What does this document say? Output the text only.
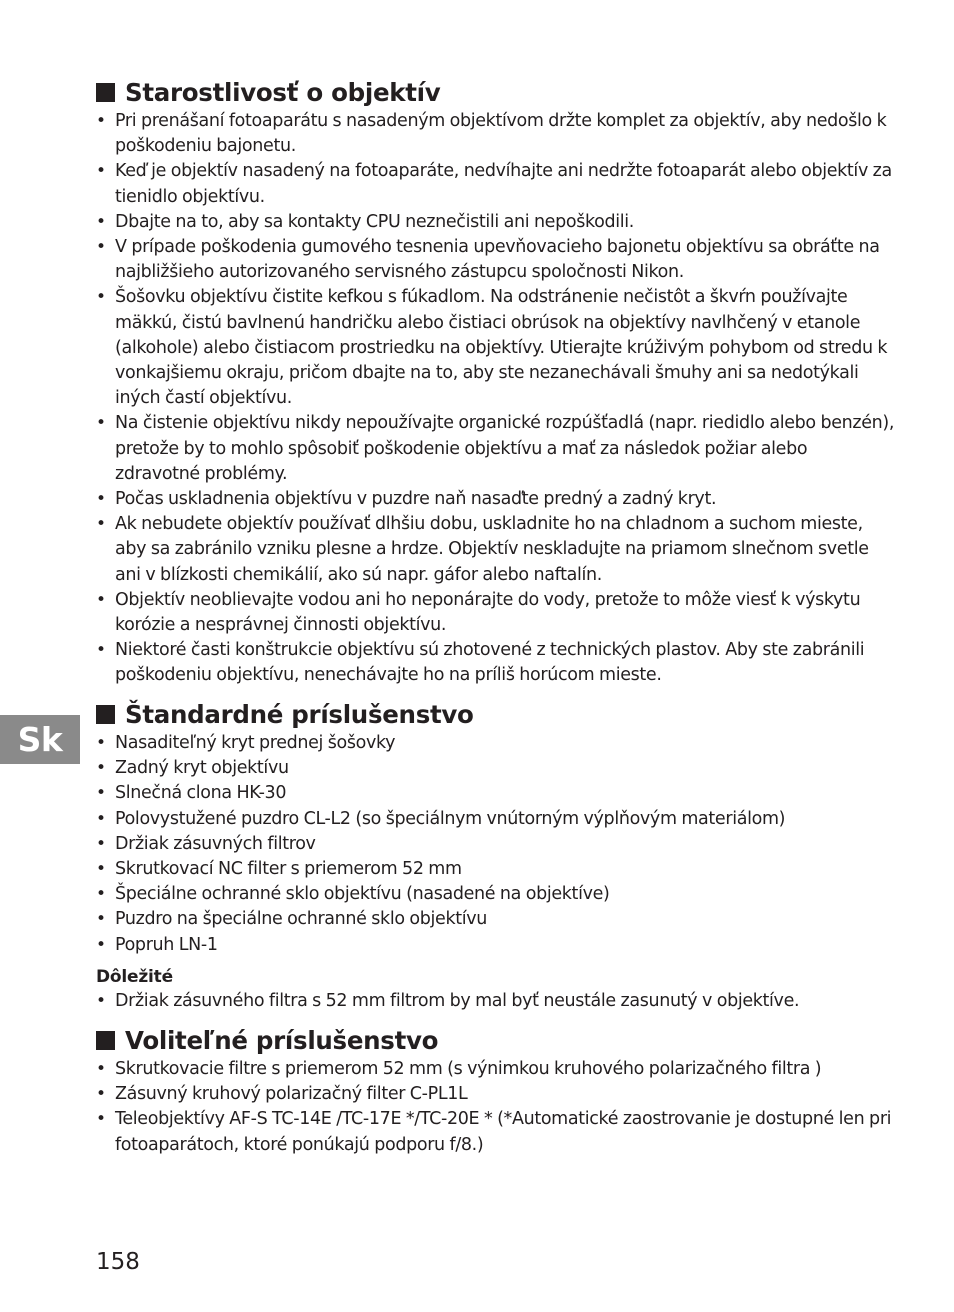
Starostlivosť o objektív
• Pri prenášaní fotoaparátu s nasadeným objektívom držte komplet za objektív, aby nedošlo k poškodeniu bajonetu.
• Keď je objektív nasadený na fotoaparáte, nedvíhajte ani nedržte fotoaparát alebo objektív za tienidlo objektívu.
• Dbajte na to, aby sa kontakty CPU neznečistili ani nepoškodili.
• V prípade poškodenia gumového tesnenia upevňovacieho bajonetu objektívu sa obráťte na najbližšieho autorizovaného servisného zástupcu spoločnosti Nikon.
• Šošovku objektívu čistite kefkou s fúkadlom. Na odstránenie nečistôt a škvŕn používajte mäkkú, čistú bavlnenú handričku alebo čistiaci obrúsok na objektívy navlhčený v etanole (alkohole) alebo čistiacom prostriedku na objektívy. Utierajte krúživým pohybom od stredu k vonkajšiemu okraju, pričom dbajte na to, aby ste nezanechávali šmuhy ani sa nedotýkali iných častí objektívu.
• Na čistenie objektívu nikdy nepoužívajte organické rozpúšťadlá (napr. riedidlo alebo benzén), pretože by to mohlo spôsobiť poškodenie objektívu a mať za následok požiar alebo zdravotné problémy.
• Počas uskladnenia objektívu v puzdre naň nasaďte predný a zadný kryt.
• Ak nebudete objektív používať dlhšiu dobu, uskladnite ho na chladnom a suchom mieste, aby sa zabránilo vzniku plesne a hrdze. Objektív neskladujte na priamom slnečnom svetle ani v blízkosti chemikálií, ako sú napr. gáfor alebo naftalín.
• Objektív neoblievajte vodou ani ho neponárajte do vody, pretože to môže viesť k výskytu korózie a nesprávnej činnosti objektívu.
• Niektoré časti konštrukcie objektívu sú zhotovené z technických plastov. Aby ste zabránili poškodeniu objektívu, nenechávajte ho na príliš horúcom mieste.
Štandardné príslušenstvo
• Nasaditeľný kryt prednej šošovky
• Zadný kryt objektívu
• Slnečná clona HK-30
• Polovystužené puzdro CL-L2 (so špeciálnym vnútorným výplňovým materiálom)
• Držiak zásuvných filtrov
• Skrutkovací NC filter s priemerom 52 mm
• Špeciálne ochranné sklo objektívu (nasadené na objektíve)
• Puzdro na špeciálne ochranné sklo objektívu
• Popruh LN-1
Dôležité
• Držiak zásuvného filtra s 52 mm filtrom by mal byť neustále zasunutý v objektíve.
Voliteľné príslušenstvo
• Skrutkovacie filtre s priemerom 52 mm (s výnimkou kruhového polarizačného filtra )
• Zásuvný kruhový polarizačný filter C-PL1L
• Teleobjektívy AF-S TC-14E /TC-17E */TC-20E * (*Automatické zaostrovanie je dostupné len pri fotoaparátoch, ktoré ponúkajú podporu f/8.)
Sk
158
